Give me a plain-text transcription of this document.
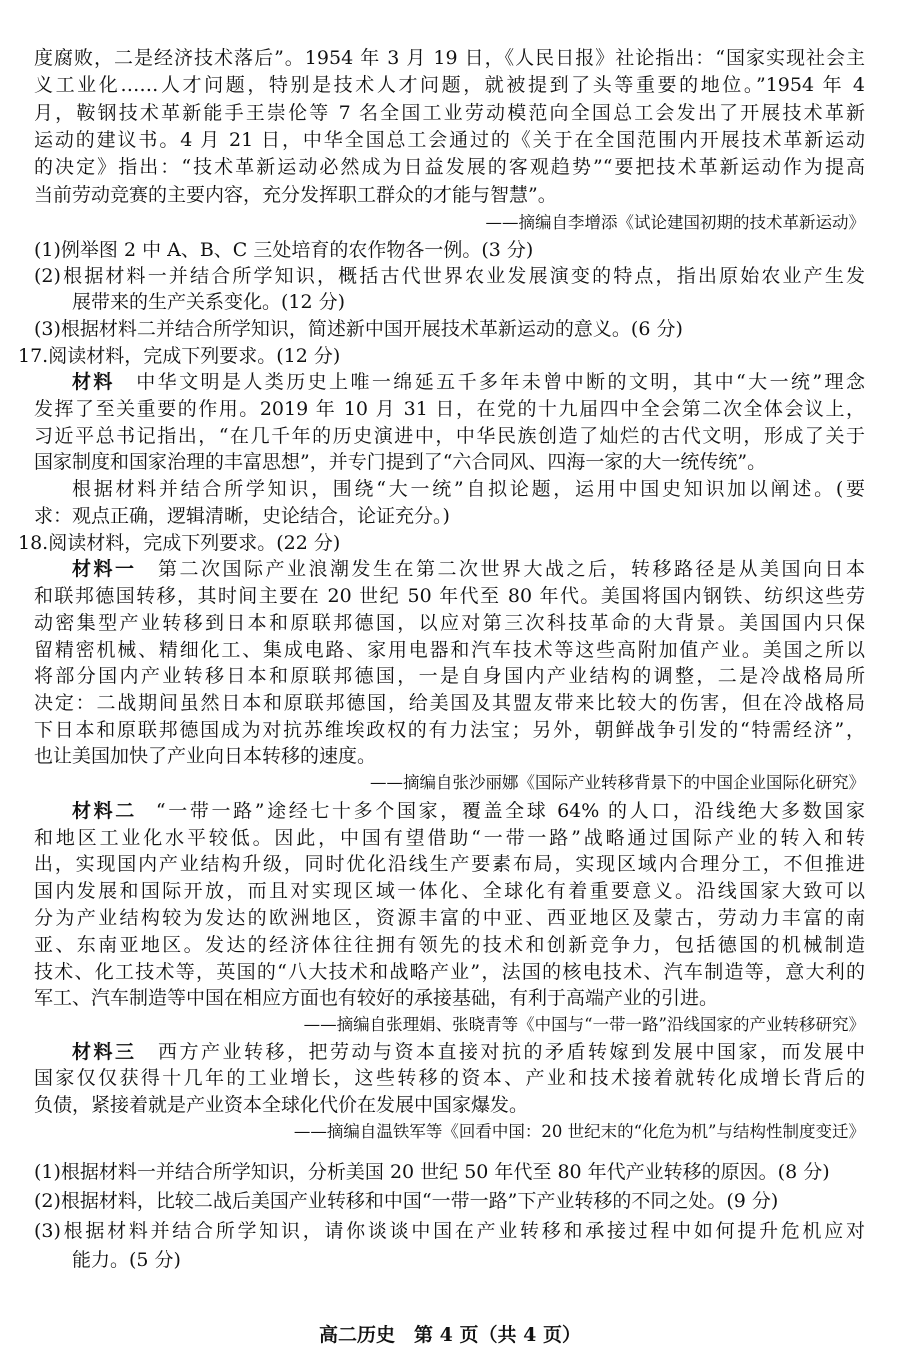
度腐败，二是经济技术落后”。1954 年 3 月 19 日，《人民日报》社论指出：“国家实现社会主
义工业化……人才问题，特别是技术人才问题，就被提到了头等重要的地位。”1954 年 4
月，鞍钢技术革新能手王崇伦等 7 名全国工业劳动模范向全国总工会发出了开展技术革新
运动的建议书。4 月 21 日，中华全国总工会通过的《关于在全国范围内开展技术革新运动
的决定》指出：“技术革新运动必然成为日益发展的客观趋势”“要把技术革新运动作为提高
当前劳动竞赛的主要内容，充分发挥职工群众的才能与智慧”。
——摘编自李增添《试论建国初期的技术革新运动》
(1)例举图 2 中 A、B、C 三处培育的农作物各一例。(3 分)
(2)根据材料一并结合所学知识，概括古代世界农业发展演变的特点，指出原始农业产生发
展带来的生产关系变化。(12 分)
(3)根据材料二并结合所学知识，简述新中国开展技术革新运动的意义。(6 分)
17.阅读材料，完成下列要求。(12 分)
材料 中华文明是人类历史上唯一绵延五千多年未曾中断的文明，其中“大一统”理念
发挥了至关重要的作用。2019 年 10 月 31 日，在党的十九届四中全会第二次全体会议上，
习近平总书记指出，“在几千年的历史演进中，中华民族创造了灿烂的古代文明，形成了关于
国家制度和国家治理的丰富思想”，并专门提到了“六合同风、四海一家的大一统传统”。
根据材料并结合所学知识，围绕“大一统”自拟论题，运用中国史知识加以阐述。(要
求：观点正确，逻辑清晰，史论结合，论证充分。)
18.阅读材料，完成下列要求。(22 分)
材料一 第二次国际产业浪潮发生在第二次世界大战之后，转移路径是从美国向日本
和联邦德国转移，其时间主要在 20 世纪 50 年代至 80 年代。美国将国内钢铁、纺织这些劳
动密集型产业转移到日本和原联邦德国，以应对第三次科技革命的大背景。美国国内只保
留精密机械、精细化工、集成电路、家用电器和汽车技术等这些高附加值产业。美国之所以
将部分国内产业转移日本和原联邦德国，一是自身国内产业结构的调整，二是冷战格局所
决定：二战期间虽然日本和原联邦德国，给美国及其盟友带来比较大的伤害，但在冷战格局
下日本和原联邦德国成为对抗苏维埃政权的有力法宝；另外，朝鲜战争引发的“特需经济”，
也让美国加快了产业向日本转移的速度。
——摘编自张沙丽娜《国际产业转移背景下的中国企业国际化研究》
材料二 “一带一路”途经七十多个国家，覆盖全球 64% 的人口，沿线绝大多数国家
和地区工业化水平较低。因此，中国有望借助“一带一路”战略通过国际产业的转入和转
出，实现国内产业结构升级，同时优化沿线生产要素布局，实现区域内合理分工，不但推进
国内发展和国际开放，而且对实现区域一体化、全球化有着重要意义。沿线国家大致可以
分为产业结构较为发达的欧洲地区，资源丰富的中亚、西亚地区及蒙古，劳动力丰富的南
亚、东南亚地区。发达的经济体往往拥有领先的技术和创新竞争力，包括德国的机械制造
技术、化工技术等，英国的“八大技术和战略产业”，法国的核电技术、汽车制造等，意大利的
军工、汽车制造等中国在相应方面也有较好的承接基础，有利于高端产业的引进。
——摘编自张理娟、张晓青等《中国与“一带一路”沿线国家的产业转移研究》
材料三 西方产业转移，把劳动与资本直接对抗的矛盾转嫁到发展中国家，而发展中
国家仅仅获得十几年的工业增长，这些转移的资本、产业和技术接着就转化成增长背后的
负债，紧接着就是产业资本全球化代价在发展中国家爆发。
——摘编自温铁军等《回看中国：20 世纪末的“化危为机”与结构性制度变迁》
(1)根据材料一并结合所学知识，分析美国 20 世纪 50 年代至 80 年代产业转移的原因。(8 分)
(2)根据材料，比较二战后美国产业转移和中国“一带一路”下产业转移的不同之处。(9 分)
(3)根据材料并结合所学知识，请你谈谈中国在产业转移和承接过程中如何提升危机应对
能力。(5 分)
高二历史　第 4 页（共 4 页）
